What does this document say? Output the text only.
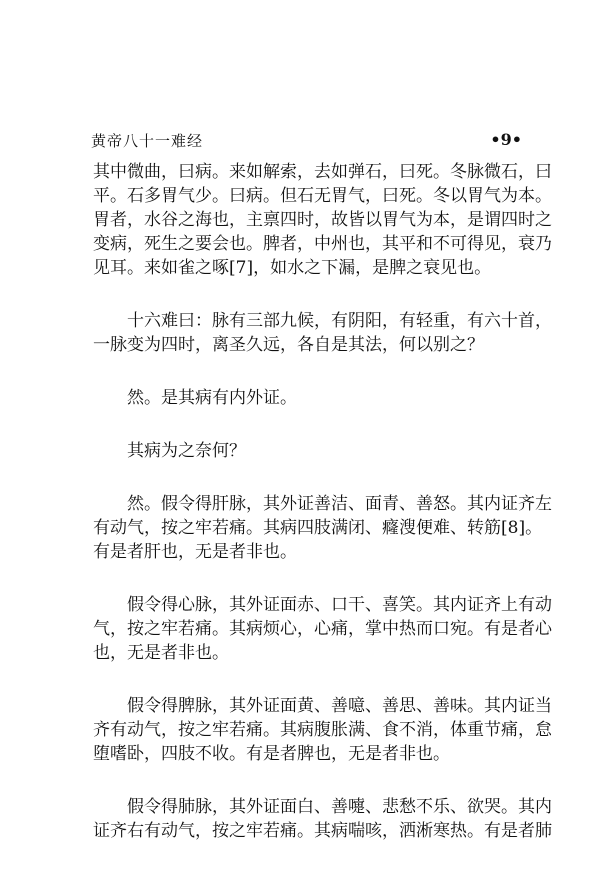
黄帝八十一难经	•9•

其中微曲，曰病。来如解索，去如弹石，曰死。冬脉微石，曰
平。石多胃气少。曰病。但石无胃气，曰死。冬以胃气为本。
胃者，水谷之海也，主禀四时，故皆以胃气为本，是谓四时之
变病，死生之要会也。脾者，中州也，其平和不可得见，衰乃
见耳。来如雀之啄[7]，如水之下漏，是脾之衰见也。

　　十六难曰：脉有三部九候，有阴阳，有轻重，有六十首，
一脉变为四时，离圣久远，各自是其法，何以别之？

　　然。是其病有内外证。

　　其病为之奈何？

　　然。假令得肝脉，其外证善洁、面青、善怒。其内证齐左
有动气，按之牢若痛。其病四肢满闭、癃溲便难、转筋[8]。
有是者肝也，无是者非也。

　　假令得心脉，其外证面赤、口干、喜笑。其内证齐上有动
气，按之牢若痛。其病烦心，心痛，掌中热而口宛。有是者心
也，无是者非也。

　　假令得脾脉，其外证面黄、善噫、善思、善味。其内证当
齐有动气，按之牢若痛。其病腹胀满、食不消，体重节痛，怠
堕嗜卧，四肢不收。有是者脾也，无是者非也。

　　假令得肺脉，其外证面白、善嚏、悲愁不乐、欲哭。其内
证齐右有动气，按之牢若痛。其病喘咳，洒淅寒热。有是者肺
